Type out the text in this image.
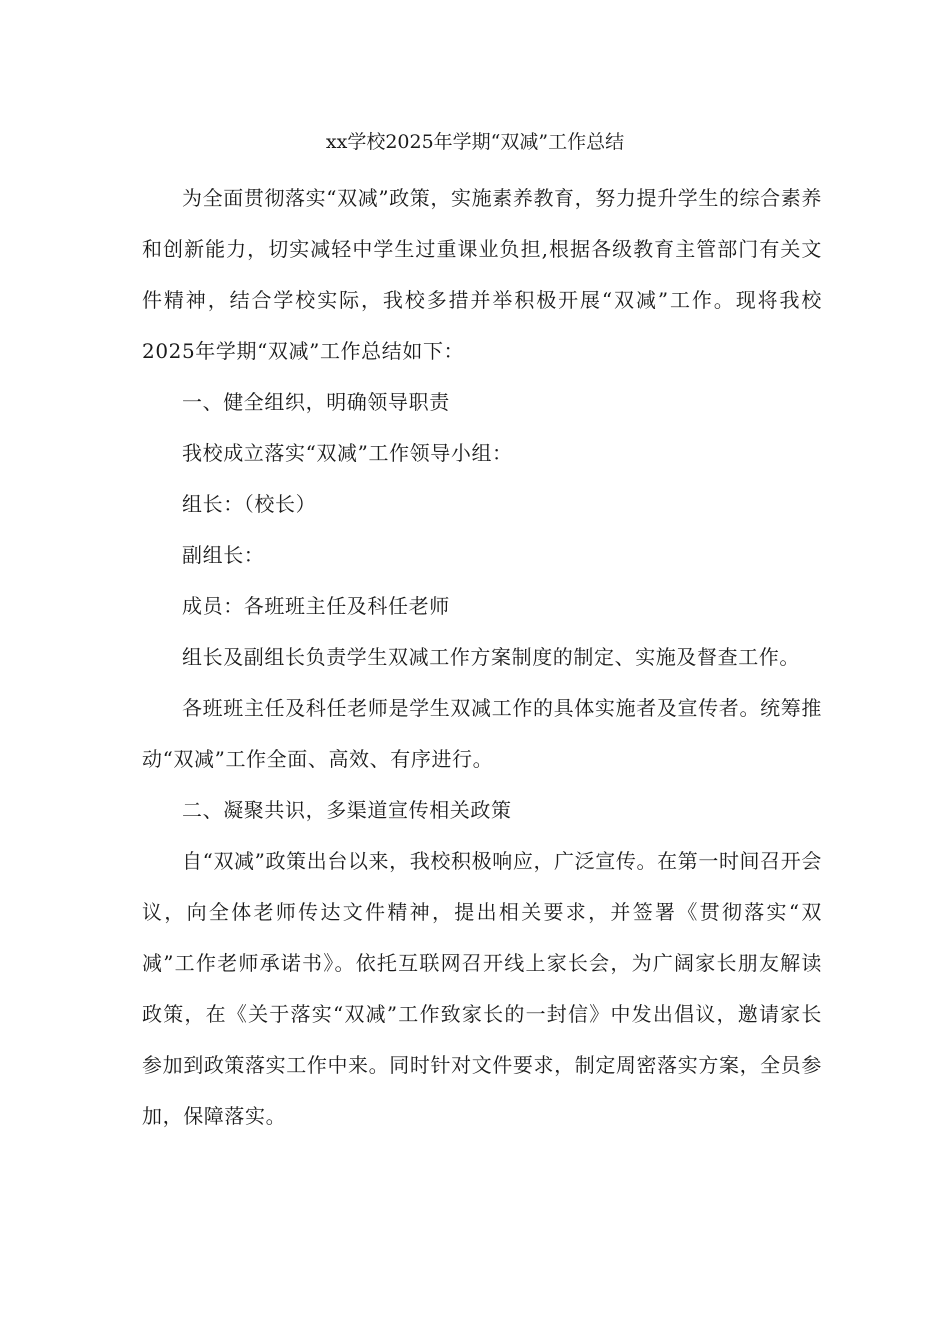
xx学校2025年学期“双减”工作总结

为全面贯彻落实“双减”政策，实施素养教育，努力提升学生的综合素养和创新能力，切实减轻中学生过重课业负担,根据各级教育主管部门有关文件精神，结合学校实际，我校多措并举积极开展“双减”工作。现将我校2025年学期“双减”工作总结如下：

一、健全组织，明确领导职责

我校成立落实“双减”工作领导小组：

组长：（校长）

副组长：

成员：各班班主任及科任老师

组长及副组长负责学生双减工作方案制度的制定、实施及督查工作。

各班班主任及科任老师是学生双减工作的具体实施者及宣传者。统筹推动“双减”工作全面、高效、有序进行。

二、凝聚共识，多渠道宣传相关政策

自“双减”政策出台以来，我校积极响应，广泛宣传。在第一时间召开会议，向全体老师传达文件精神，提出相关要求，并签署《贯彻落实“双减”工作老师承诺书》。依托互联网召开线上家长会，为广阔家长朋友解读政策，在《关于落实“双减”工作致家长的一封信》中发出倡议，邀请家长参加到政策落实工作中来。同时针对文件要求，制定周密落实方案，全员参加，保障落实。
